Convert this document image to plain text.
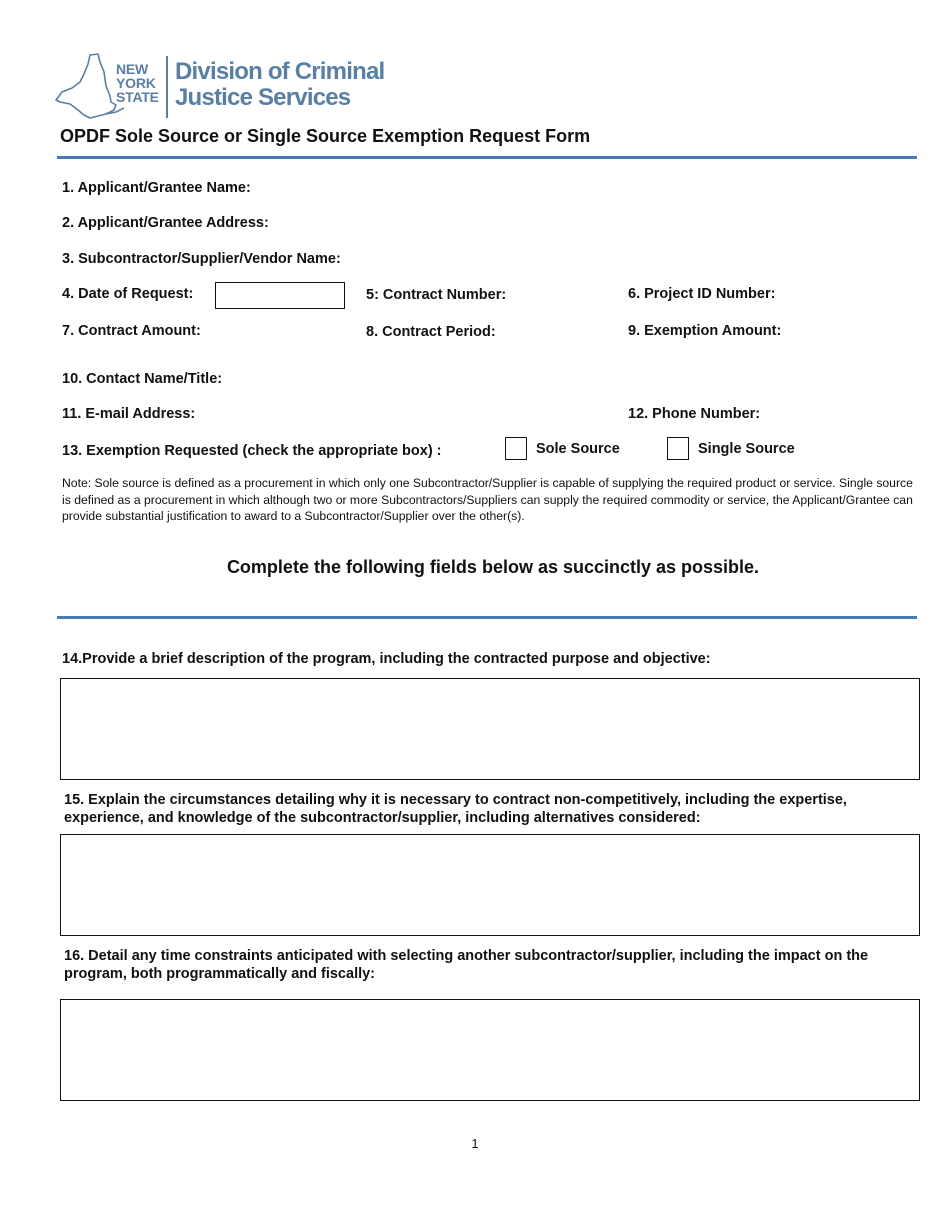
NEW
YORK
STATE
Division of Criminal
Justice Services
OPDF Sole Source or Single Source Exemption Request Form
1. Applicant/Grantee Name:
2. Applicant/Grantee Address:
3. Subcontractor/Supplier/Vendor Name:
4. Date of Request:	5: Contract Number:	6. Project ID Number:
7. Contract Amount:	8. Contract Period:	9. Exemption Amount:
10. Contact Name/Title:
11. E-mail Address:	12. Phone Number:
13. Exemption Requested (check the appropriate box) :	Sole Source	Single Source
Note: Sole source is defined as a procurement in which only one Subcontractor/Supplier is capable of supplying the required product or service. Single source is defined as a procurement in which although two or more Subcontractors/Suppliers can supply the required commodity or service, the Applicant/Grantee can provide substantial justification to award to a Subcontractor/Supplier over the other(s).
Complete the following fields below as succinctly as possible.
14.Provide a brief description of the program, including the contracted purpose and objective:
15. Explain the circumstances detailing why it is necessary to contract non-competitively, including the expertise, experience, and knowledge of the subcontractor/supplier, including alternatives considered:
16. Detail any time constraints anticipated with selecting another subcontractor/supplier, including the impact on the program, both programmatically and fiscally:
1
